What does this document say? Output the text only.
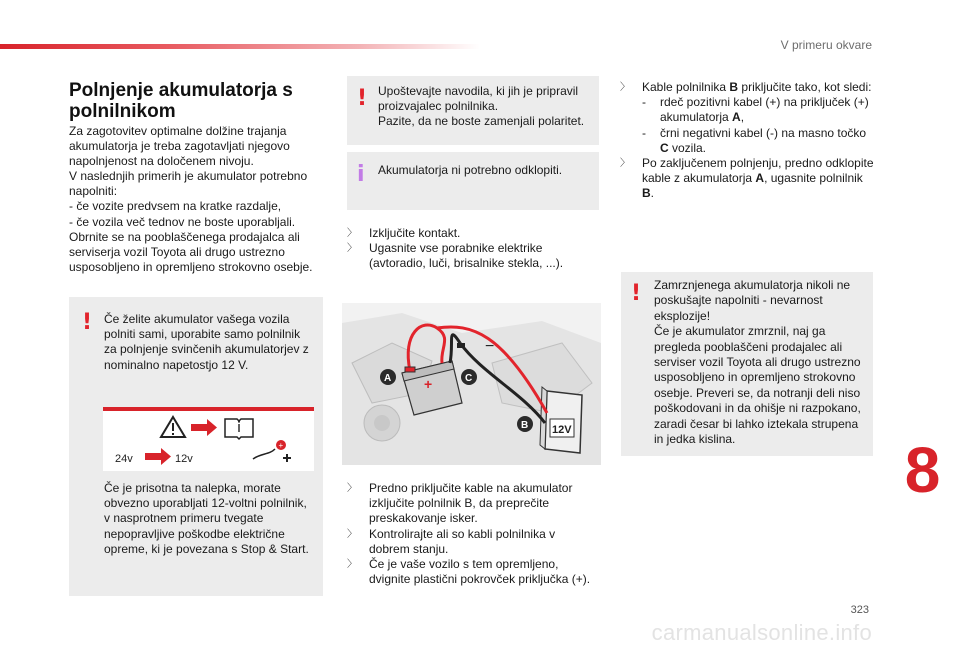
V primeru okvare
Polnjenje akumulatorja s polnilnikom

Za zagotovitev optimalne dolžine trajanja akumulatorja je treba zagotavljati njegovo napolnjenost na določenem nivoju.

V naslednjih primerih je akumulator potrebno napolniti:

- če vozite predvsem na kratke razdalje,

- če vozila več tednov ne boste uporabljali.

Obrnite se na pooblaščenega prodajalca ali serviserja vozil Toyota ali drugo ustrezno usposobljeno in opremljeno strokovno osebje.

! Če želite akumulator vašega vozila polniti sami, uporabite samo polnilnik za polnjenje svinčenih akumulatorjev z nominalno napetostjo 12 V.
Če je prisotna ta nalepka, morate obvezno uporabljati 12-voltni polnilnik, v nasprotnem primeru tvegate nepopravljive poškodbe električne opreme, ki je povezana s Stop & Start.
24v	12v
+
! Upoštevajte navodila, ki jih je pripravil proizvajalec polnilnika.
Pazite, da ne boste zamenjali polaritet.
i Akumulatorja ni potrebno odklopiti.
〉 Izključite kontakt.
〉 Ugasnite vse porabnike elektrike (avtoradio, luči, brisalnike stekla, ...).
+
12V
−
A	C
B
〉 Predno priključite kable na akumulator izključite polnilnik B, da preprečite preskakovanje isker.
〉 Kontrolirajte ali so kabli polnilnika v dobrem stanju.
〉 Če je vaše vozilo s tem opremljeno, dvignite plastični pokrovček priključka (+).
〉 Kable polnilnika B priključite tako, kot sledi:
- rdeč pozitivni kabel (+) na priključek (+) akumulatorja A,
- črni negativni kabel (-) na masno točko C vozila.
〉 Po zaključenem polnjenju, predno odklopite kable z akumulatorja A, ugasnite polnilnik B.
! Zamrznjenega akumulatorja nikoli ne poskušajte napolniti - nevarnost eksplozije!
Če je akumulator zmrznil, naj ga pregleda pooblaščeni prodajalec ali serviser vozil Toyota ali drugo ustrezno usposobljeno in opremljeno strokovno osebje. Preveri se, da notranji deli niso poškodovani in da ohišje ni razpokano, zaradi česar bi lahko iztekala strupena in jedka kislina.	8
323
carmanualsonline.info
